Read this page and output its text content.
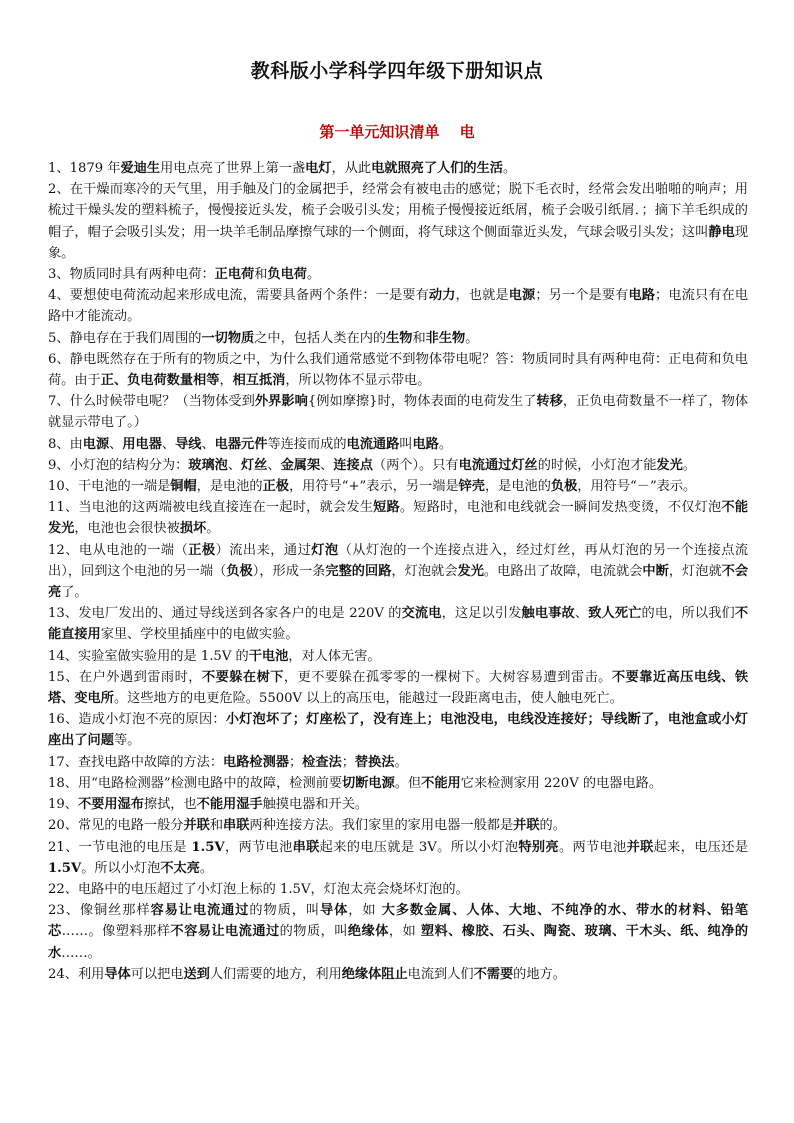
教科版小学科学四年级下册知识点
第一单元知识清单　 电

1、1879 年爱迪生用电点亮了世界上第一盏电灯，从此电就照亮了人们的生活。

2、在干燥而寒冷的天气里，用手触及门的金属把手，经常会有被电击的感觉；脱下毛衣时，经常会发出啪啪的响声；用梳过干燥头发的塑料梳子，慢慢接近头发，梳子会吸引头发；用梳子慢慢接近纸屑，梳子会吸引纸屑．；摘下羊毛织成的帽子，帽子会吸引头发；用一块羊毛制品摩擦气球的一个侧面，将气球这个侧面靠近头发，气球会吸引头发；这叫静电现象。

3、物质同时具有两种电荷：正电荷和负电荷。

4、要想使电荷流动起来形成电流，需要具备两个条件：一是要有动力，也就是电源；另一个是要有电路；电流只有在电路中才能流动。

5、静电存在于我们周围的一切物质之中，包括人类在内的生物和非生物。

6、静电既然存在于所有的物质之中，为什么我们通常感觉不到物体带电呢？答：物质同时具有两种电荷：正电荷和负电荷。由于正、负电荷数量相等，相互抵消，所以物体不显示带电。

7、什么时候带电呢？（当物体受到外界影响{例如摩擦}时，物体表面的电荷发生了转移，正负电荷数量不一样了，物体就显示带电了。）

8、由电源、用电器、导线、电器元件等连接而成的电流通路叫电路。

9、小灯泡的结构分为：玻璃泡、灯丝、金属架、连接点（两个）。只有电流通过灯丝的时候，小灯泡才能发光。

10、干电池的一端是铜帽，是电池的正极，用符号“+”表示，另一端是锌壳，是电池的负极，用符号“－”表示。

11、当电池的这两端被电线直接连在一起时，就会发生短路。短路时，电池和电线就会一瞬间发热变烫，不仅灯泡不能发光，电池也会很快被损坏。

12、电从电池的一端（正极）流出来，通过灯泡（从灯泡的一个连接点进入，经过灯丝，再从灯泡的另一个连接点流出），回到这个电池的另一端（负极），形成一条完整的回路，灯泡就会发光。电路出了故障，电流就会中断，灯泡就不会亮了。

13、发电厂发出的、通过导线送到各家各户的电是 220V 的交流电，这足以引发触电事故、致人死亡的电，所以我们不能直接用家里、学校里插座中的电做实验。

14、实验室做实验用的是 1.5V 的干电池，对人体无害。

15、在户外遇到雷雨时，不要躲在树下，更不要躲在孤零零的一棵树下。大树容易遭到雷击。不要靠近高压电线、铁塔、变电所。这些地方的电更危险。5500V 以上的高压电，能越过一段距离电击，使人触电死亡。

16、造成小灯泡不亮的原因：小灯泡坏了；灯座松了，没有连上；电池没电，电线没连接好；导线断了，电池盒或小灯座出了问题等。

17、查找电路中故障的方法：电路检测器；检查法；替换法。

18、用“电路检测器”检测电路中的故障，检测前要切断电源。但不能用它来检测家用 220V 的电器电路。

19、不要用湿布擦拭，也不能用湿手触摸电器和开关。

20、常见的电路一般分并联和串联两种连接方法。我们家里的家用电器一般都是并联的。

21、一节电池的电压是 1.5V，两节电池串联起来的电压就是 3V。所以小灯泡特别亮。两节电池并联起来，电压还是 1.5V。所以小灯泡不太亮。

22、电路中的电压超过了小灯泡上标的 1.5V，灯泡太亮会烧坏灯泡的。

23、像铜丝那样容易让电流通过的物质，叫导体，如 大多数金属、人体、大地、不纯净的水、带水的材料、铅笔芯……。像塑料那样不容易让电流通过的物质，叫绝缘体，如 塑料、橡胶、石头、陶瓷、玻璃、干木头、纸、纯净的水……。

24、利用导体可以把电送到人们需要的地方，利用绝缘体阻止电流到人们不需要的地方。
